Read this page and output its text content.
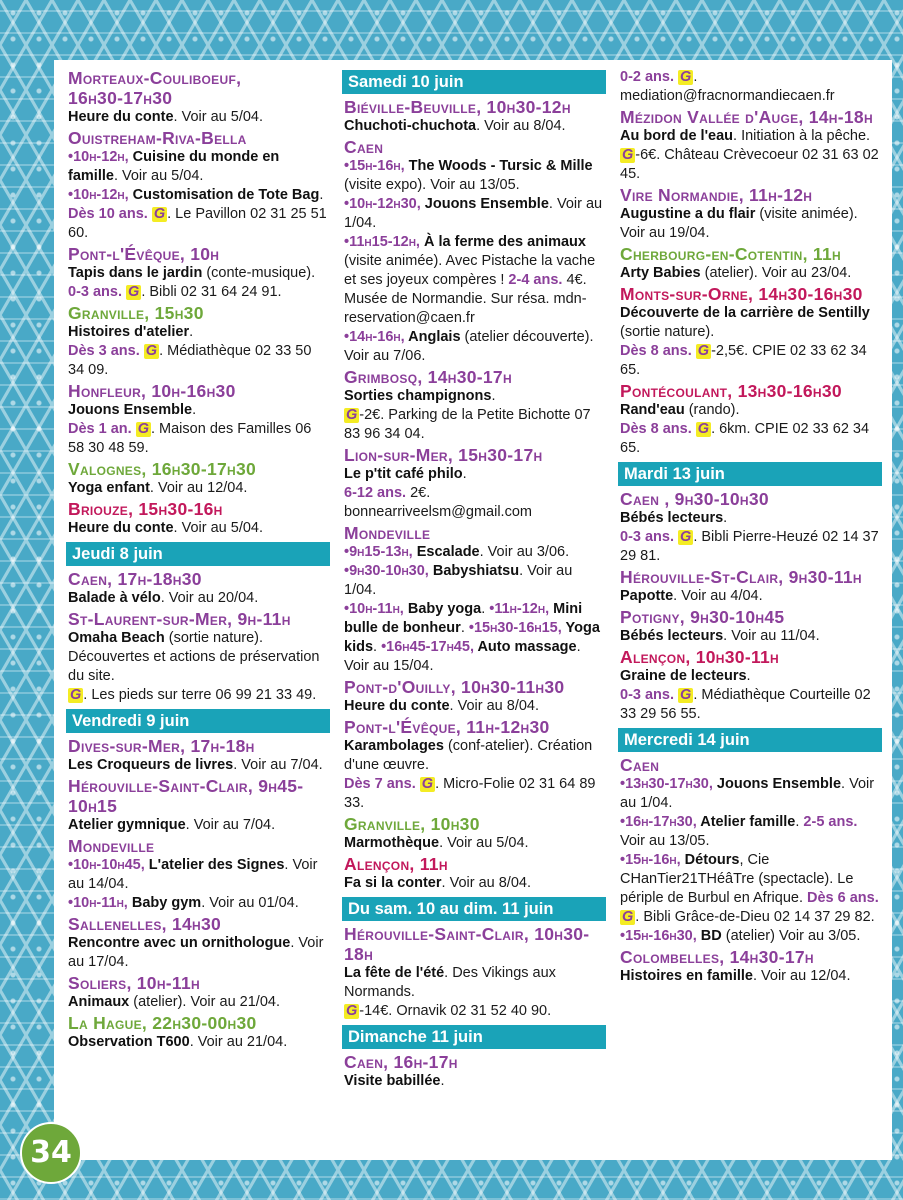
Morteaux-Couliboeuf,
16h30-17h30
Heure du conte. Voir au 5/04.
Ouistreham-Riva-Bella
•10h-12h, Cuisine du monde en famille. Voir au 5/04.
•10h-12h, Customisation de Tote Bag. Dès 10 ans. G . Le Pavillon 02 31 25 51 60.
Pont-l'Évêque, 10h
Tapis dans le jardin (conte-musique).
0-3 ans. G . Bibli 02 31 64 24 91.
Granville, 15h30
Histoires d'atelier.
Dès 3 ans. G . Médiathèque 02 33 50 34 09.
Honfleur, 10h-16h30
Jouons Ensemble.
Dès 1 an. G . Maison des Familles 06 58 30 48 59.
Valognes, 16h30-17h30
Yoga enfant. Voir au 12/04.
Briouze, 15h30-16h
Heure du conte. Voir au 5/04.
Jeudi 8 juin
Caen, 17h-18h30
Balade à vélo. Voir au 20/04.
St-Laurent-sur-Mer, 9h-11h
Omaha Beach (sortie nature). Découvertes et actions de préservation du site.
G . Les pieds sur terre 06 99 21 33 49.
Vendredi 9 juin
Dives-sur-Mer, 17h-18h
Les Croqueurs de livres. Voir au 7/04.
Hérouville-Saint-Clair, 9h45-10h15
Atelier gymnique. Voir au 7/04.
Mondeville
•10h-10h45, L'atelier des Signes. Voir au 14/04.
•10h-11h, Baby gym. Voir au 01/04.
Sallenelles, 14h30
Rencontre avec un ornithologue. Voir au 17/04.
Soliers, 10h-11h
Animaux (atelier). Voir au 21/04.
La Hague, 22h30-00h30
Observation T600. Voir au 21/04.
Samedi 10 juin
Biéville-Beuville, 10h30-12h
Chuchoti-chuchota. Voir au 8/04.
Caen
•15h-16h, The Woods - Tursic & Mille (visite expo). Voir au 13/05.
•10h-12h30, Jouons Ensemble. Voir au 1/04.
•11h15-12h, À la ferme des animaux (visite animée). Avec Pistache la vache et ses joyeux compères ! 2-4 ans. 4€. Musée de Normandie. Sur résa. mdn-reservation@caen.fr
•14h-16h, Anglais (atelier découverte). Voir au 7/06.
Grimbosq, 14h30-17h
Sorties champignons.
G -2€. Parking de la Petite Bichotte 07 83 96 34 04.
Lion-sur-Mer, 15h30-17h
Le p'tit café philo.
6-12 ans. 2€. bonnearriveelsm@gmail.com
Mondeville
•9h15-13h, Escalade. Voir au 3/06.
•9h30-10h30, Babyshiatsu. Voir au 1/04.
•10h-11h, Baby yoga. •11h-12h, Mini bulle de bonheur. •15h30-16h15, Yoga kids. •16h45-17h45, Auto massage. Voir au 15/04.
Pont-d'Ouilly, 10h30-11h30
Heure du conte. Voir au 8/04.
Pont-l'Évêque, 11h-12h30
Karambolages (conf-atelier). Création d'une œuvre.
Dès 7 ans. G . Micro-Folie 02 31 64 89 33.
Granville, 10h30
Marmothèque. Voir au 5/04.
Alençon, 11h
Fa si la conter. Voir au 8/04.
Du sam. 10 au dim. 11 juin
Hérouville-Saint-Clair, 10h30-18h
La fête de l'été. Des Vikings aux Normands.
G -14€. Ornavik 02 31 52 40 90.
Dimanche 11 juin
Caen, 16h-17h
Visite babillée.
0-2 ans. G . mediation@fracnormandiecaen.fr
Mézidon Vallée d'Auge, 14h-18h
Au bord de l'eau. Initiation à la pêche.
G -6€. Château Crèvecoeur 02 31 63 02 45.
Vire Normandie, 11h-12h
Augustine a du flair (visite animée). Voir au 19/04.
Cherbourg-en-Cotentin, 11h
Arty Babies (atelier). Voir au 23/04.
Monts-sur-Orne, 14h30-16h30
Découverte de la carrière de Sentilly (sortie nature).
Dès 8 ans. G -2,5€. CPIE 02 33 62 34 65.
Pontécoulant, 13h30-16h30
Rand'eau (rando).
Dès 8 ans. G . 6km. CPIE 02 33 62 34 65.
Mardi 13 juin
Caen , 9h30-10h30
Bébés lecteurs.
0-3 ans. G . Bibli Pierre-Heuzé 02 14 37 29 81.
Hérouville-St-Clair, 9h30-11h
Papotte. Voir au 4/04.
Potigny, 9h30-10h45
Bébés lecteurs. Voir au 11/04.
Alençon, 10h30-11h
Graine de lecteurs.
0-3 ans. G . Médiathèque Courteille 02 33 29 56 55.
Mercredi 14 juin
Caen
•13h30-17h30, Jouons Ensemble. Voir au 1/04.
•16h-17h30, Atelier famille. 2-5 ans. Voir au 13/05.
•15h-16h, Détours, Cie CHanTier21THéâTre (spectacle). Le périple de Burbul en Afrique. Dès 6 ans. G . Bibli Grâce-de-Dieu 02 14 37 29 82.
•15h-16h30, BD (atelier) Voir au 3/05.
Colombelles, 14h30-17h
Histoires en famille. Voir au 12/04.
34
